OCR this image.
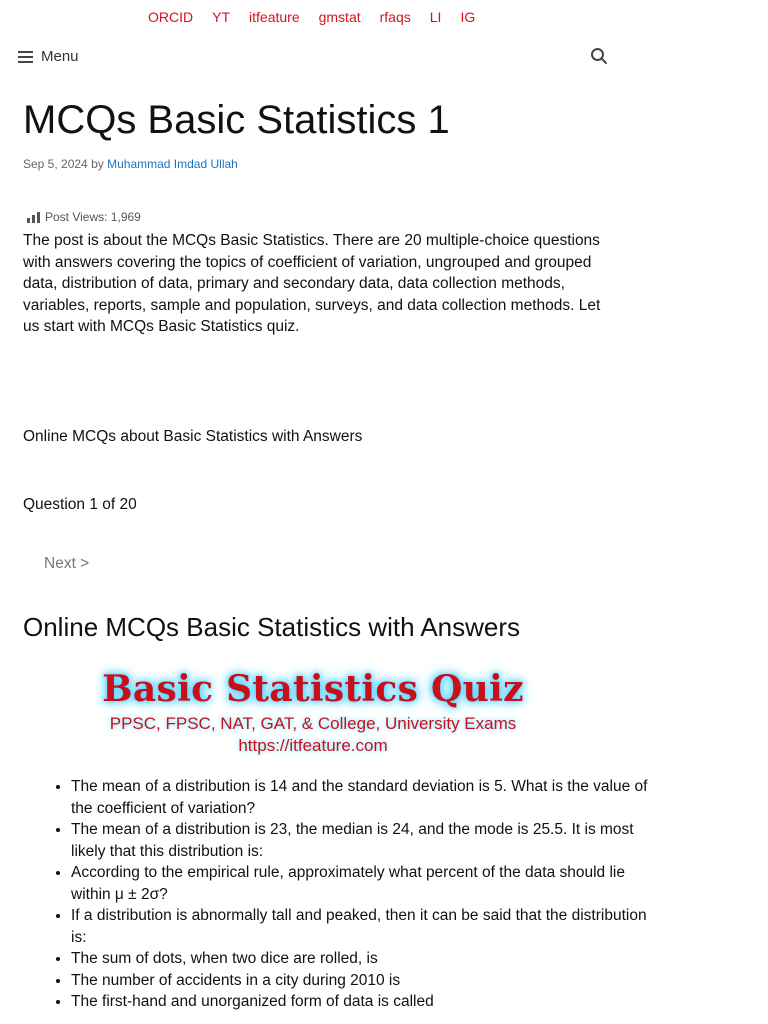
ORCID YT itfeature gmstat rfaqs LI IG
Menu
MCQs Basic Statistics 1
Sep 5, 2024 by Muhammad Imdad Ullah
Post Views: 1,969

The post is about the MCQs Basic Statistics. There are 20 multiple-choice questions with answers covering the topics of coefficient of variation, ungrouped and grouped data, distribution of data, primary and secondary data, data collection methods, variables, reports, sample and population, surveys, and data collection methods. Let us start with MCQs Basic Statistics quiz.

Online MCQs about Basic Statistics with Answers
Question 1 of 20
Next >
Online MCQs Basic Statistics with Answers
Basic Statistics Quiz
PPSC, FPSC, NAT, GAT, & College, University Exams
https://itfeature.com
• The mean of a distribution is 14 and the standard deviation is 5. What is the value of the coefficient of variation?
• The mean of a distribution is 23, the median is 24, and the mode is 25.5. It is most likely that this distribution is:
• According to the empirical rule, approximately what percent of the data should lie within μ ± 2σ?
• If a distribution is abnormally tall and peaked, then it can be said that the distribution is:
• The sum of dots, when two dice are rolled, is
• The number of accidents in a city during 2010 is
• The first-hand and unorganized form of data is called
